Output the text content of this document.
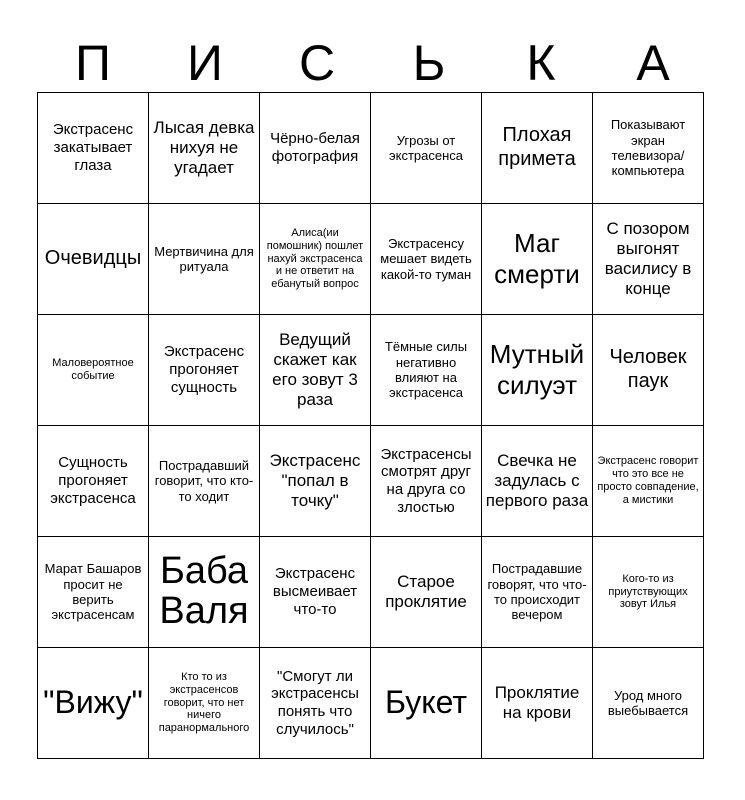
П	И	С	Ь	К	А
Экстрасенс закатывает глаза	Лысая девка нихуя не угадает	Чёрно-белая фотография	Угрозы от экстрасенса	Плохая примета	Показывают экран телевизора/ компьютера
Очевидцы	Мертвичина для ритуала	Алиса(ии помошник) пошлет нахуй экстрасенса и не ответит на ебанутый вопрос	Экстрасенсу мешает видеть какой-то туман	Маг смерти	С позором выгонят василису в конце
Маловероятное событие	Экстрасенс прогоняет сущность	Ведущий скажет как его зовут 3 раза	Тёмные силы негативно влияют на экстрасенса	Мутный силуэт	Человек паук
Сущность прогоняет экстрасенса	Пострадавший говорит, что кто-то ходит	Экстрасенс "попал в точку"	Экстрасенсы смотрят друг на друга со злостью	Свечка не задулась с первого раза	Экстрасенс говорит что это все не просто совпадение, а мистики
Марат Башаров просит не верить экстрасенсам	Баба Валя	Экстрасенс высмеивает что-то	Старое проклятие	Пострадавшие говорят, что что-то происходит вечером	Кого-то из приутствующих зовут Илья
"Вижу"	Кто то из экстрасенсов говорит, что нет ничего паранормального	"Смогут ли экстрасенсы понять что случилось"	Букет	Проклятие на крови	Урод много выебывается
